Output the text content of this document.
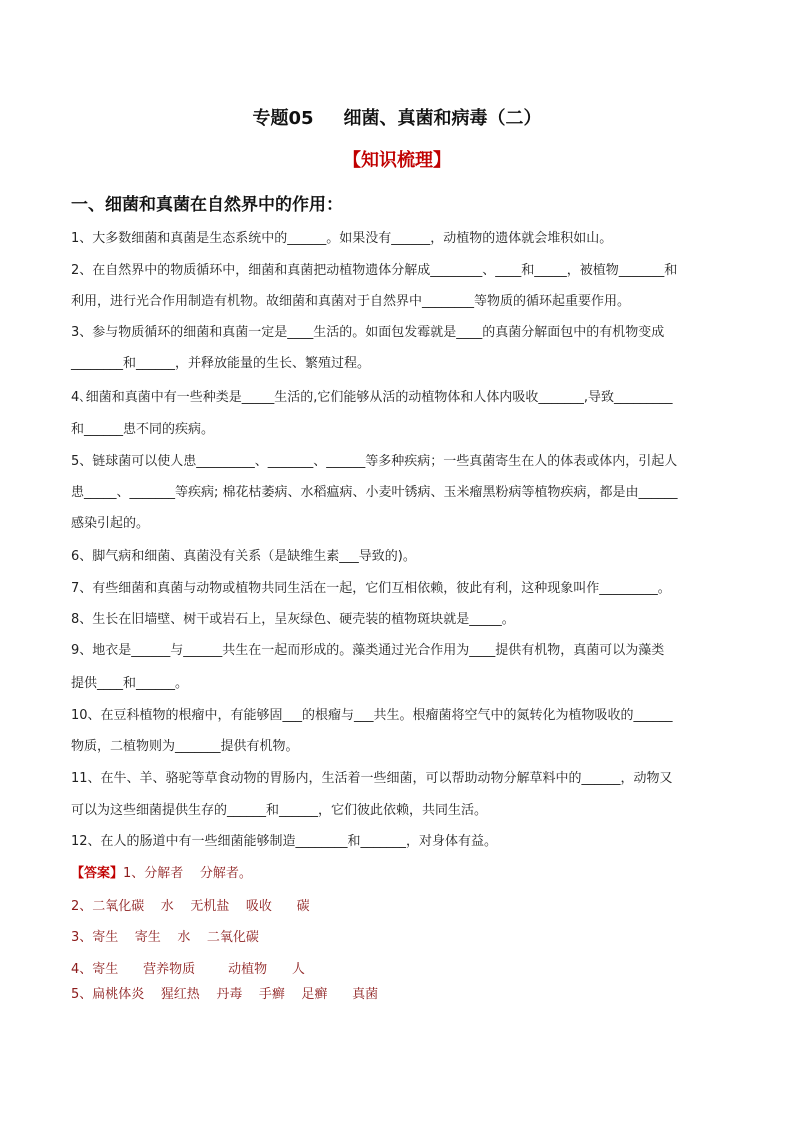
专题05 细菌、真菌和病毒（二）
【知识梳理】
一、细菌和真菌在自然界中的作用：
1、大多数细菌和真菌是生态系统中的______。如果没有______，动植物的遗体就会堆积如山。
2、在自然界中的物质循环中，细菌和真菌把动植物遗体分解成________、____和_____，被植物_______和
利用，进行光合作用制造有机物。故细菌和真菌对于自然界中________等物质的循环起重要作用。
3、参与物质循环的细菌和真菌一定是____生活的。如面包发霉就是____的真菌分解面包中的有机物变成
________和______，并释放能量的生长、繁殖过程。
4､细菌和真菌中有一些种类是_____生活的,它们能够从活的动植物体和人体内吸收_______,导致_________
和______患不同的疾病。
5、链球菌可以使人患_________、_______、______等多种疾病；一些真菌寄生在人的体表或体内，引起人
患_____、_______等疾病; 棉花枯萎病、水稻瘟病、小麦叶锈病、玉米瘤黑粉病等植物疾病，都是由______
感染引起的。
6、脚气病和细菌、真菌没有关系（是缺维生素___导致的)。
7、有些细菌和真菌与动物或植物共同生活在一起，它们互相依赖，彼此有利，这种现象叫作_________。
8、生长在旧墙壁、树干或岩石上，呈灰绿色、硬壳装的植物斑块就是_____。
9、地衣是______与______共生在一起而形成的。藻类通过光合作用为____提供有机物，真菌可以为藻类
提供____和______。
10、在豆科植物的根瘤中，有能够固___的根瘤与___共生。根瘤菌将空气中的氮转化为植物吸收的______
物质，二植物则为_______提供有机物。
11、在牛、羊、骆驼等草食动物的胃肠内，生活着一些细菌，可以帮助动物分解草料中的______，动物又
可以为这些细菌提供生存的______和______，它们彼此依赖，共同生活。
12、在人的肠道中有一些细菌能够制造________和_______，对身体有益。
【答案】1、分解者    分解者。
2、二氧化碳    水    无机盐    吸收      碳
3、寄生    寄生    水    二氧化碳
4、寄生      营养物质        动植物      人
5、扁桃体炎    猩红热    丹毒    手癣    足癣      真菌
